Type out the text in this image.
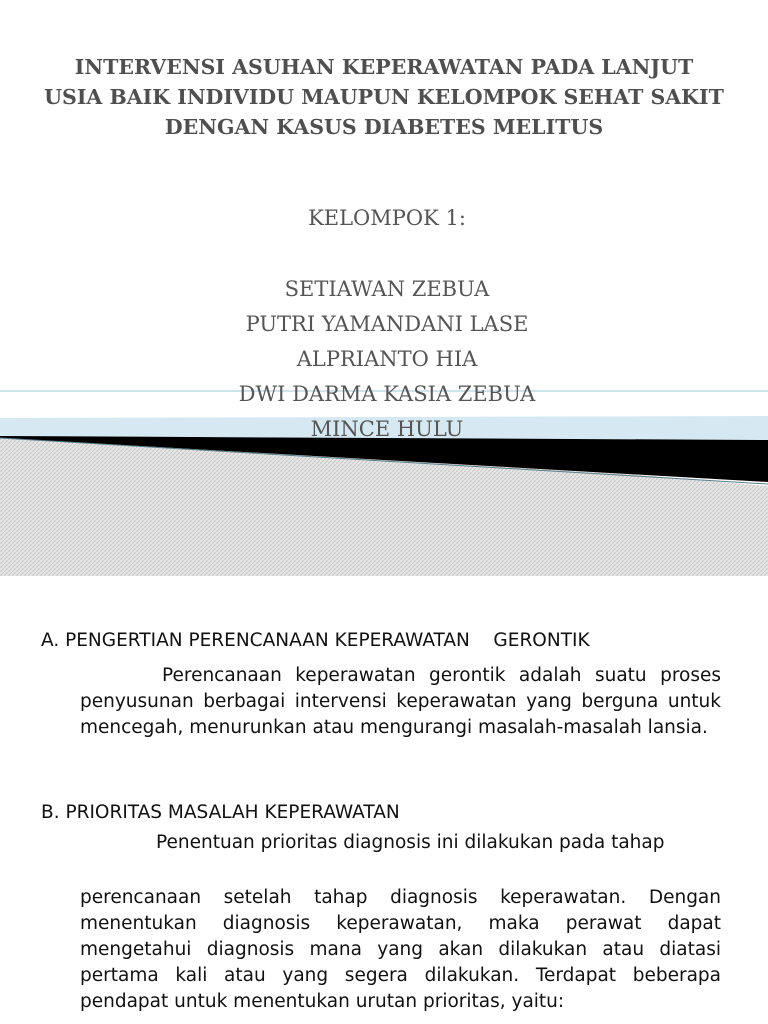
INTERVENSI ASUHAN KEPERAWATAN PADA LANJUT
USIA BAIK INDIVIDU MAUPUN KELOMPOK SEHAT SAKIT
DENGAN KASUS DIABETES MELITUS
KELOMPOK 1:
SETIAWAN ZEBUA
PUTRI YAMANDANI LASE
ALPRIANTO HIA
DWI DARMA KASIA ZEBUA
MINCE HULU
A. PENGERTIAN PERENCANAAN KEPERAWATAN    GERONTIK

Perencanaan keperawatan gerontik adalah suatu proses penyusunan berbagai intervensi keperawatan yang berguna untuk mencegah, menurunkan atau mengurangi masalah-masalah lansia.

B. PRIORITAS MASALAH KEPERAWATAN

Penentuan prioritas diagnosis ini dilakukan pada tahap

perencanaan setelah tahap diagnosis keperawatan. Dengan menentukan diagnosis keperawatan, maka perawat dapat mengetahui diagnosis mana yang akan dilakukan atau diatasi pertama kali atau yang segera dilakukan. Terdapat beberapa pendapat untuk menentukan urutan prioritas, yaitu:
